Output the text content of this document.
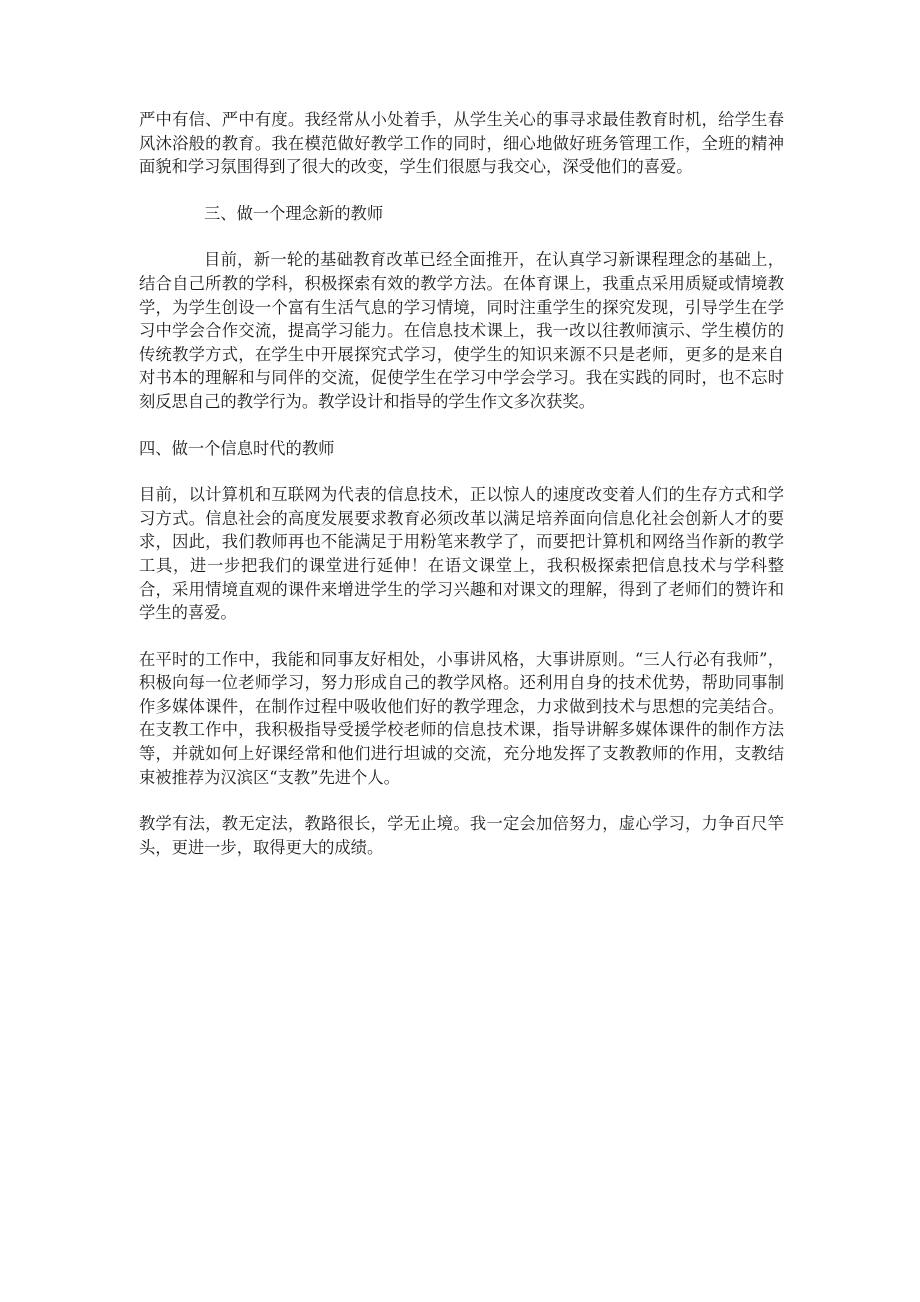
严中有信、严中有度。我经常从小处着手，从学生关心的事寻求最佳教育时机，给学生春风沐浴般的教育。我在模范做好教学工作的同时，细心地做好班务管理工作，全班的精神面貌和学习氛围得到了很大的改变，学生们很愿与我交心，深受他们的喜爱。

三、做一个理念新的教师

目前，新一轮的基础教育改革已经全面推开，在认真学习新课程理念的基础上，结合自己所教的学科，积极探索有效的教学方法。在体育课上，我重点采用质疑或情境教学，为学生创设一个富有生活气息的学习情境，同时注重学生的探究发现，引导学生在学习中学会合作交流，提高学习能力。在信息技术课上，我一改以往教师演示、学生模仿的传统教学方式，在学生中开展探究式学习，使学生的知识来源不只是老师，更多的是来自对书本的理解和与同伴的交流，促使学生在学习中学会学习。我在实践的同时，也不忘时刻反思自己的教学行为。教学设计和指导的学生作文多次获奖。

四、做一个信息时代的教师

目前，以计算机和互联网为代表的信息技术，正以惊人的速度改变着人们的生存方式和学习方式。信息社会的高度发展要求教育必须改革以满足培养面向信息化社会创新人才的要求，因此，我们教师再也不能满足于用粉笔来教学了，而要把计算机和网络当作新的教学工具，进一步把我们的课堂进行延伸！在语文课堂上，我积极探索把信息技术与学科整合，采用情境直观的课件来增进学生的学习兴趣和对课文的理解，得到了老师们的赞许和学生的喜爱。

在平时的工作中，我能和同事友好相处，小事讲风格，大事讲原则。“三人行必有我师”，积极向每一位老师学习，努力形成自己的教学风格。还利用自身的技术优势，帮助同事制作多媒体课件，在制作过程中吸收他们好的教学理念，力求做到技术与思想的完美结合。在支教工作中，我积极指导受援学校老师的信息技术课，指导讲解多媒体课件的制作方法等，并就如何上好课经常和他们进行坦诚的交流，充分地发挥了支教教师的作用，支教结束被推荐为汉滨区“支教”先进个人。

教学有法，教无定法，教路很长，学无止境。我一定会加倍努力，虚心学习，力争百尺竿头，更进一步，取得更大的成绩。
